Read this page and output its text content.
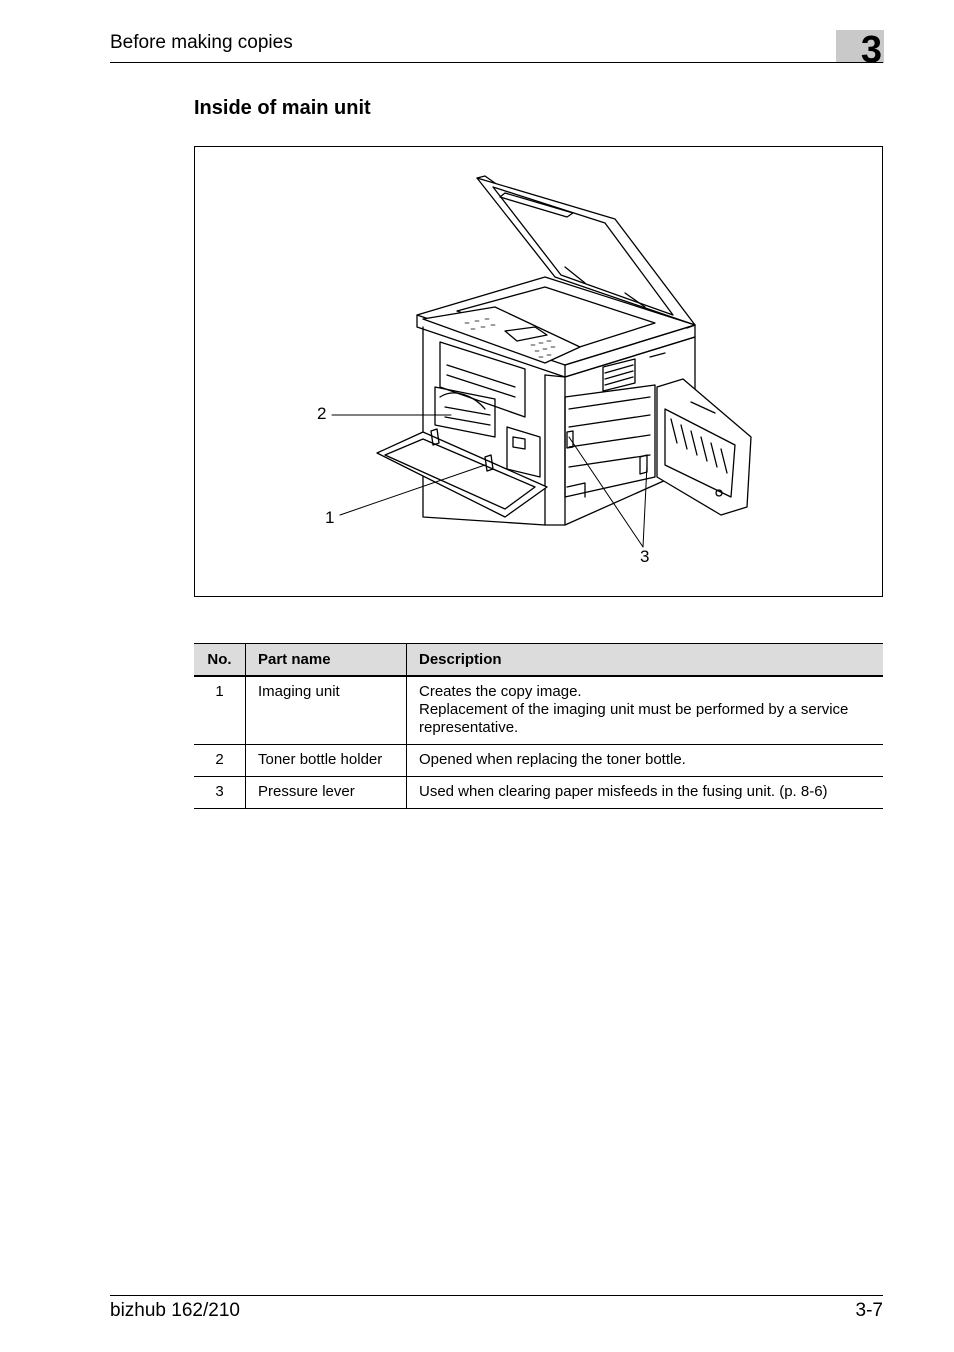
Before making copies	3
Inside of main unit
2
1
3
No.	Part name	Description
1	Imaging unit	Creates the copy image.
Replacement of the imaging unit must be performed by a service representative.

2	Toner bottle holder	Opened when replacing the toner bottle.

3	Pressure lever	Used when clearing paper misfeeds in the fusing unit. (p. 8-6)
bizhub 162/210	3-7
